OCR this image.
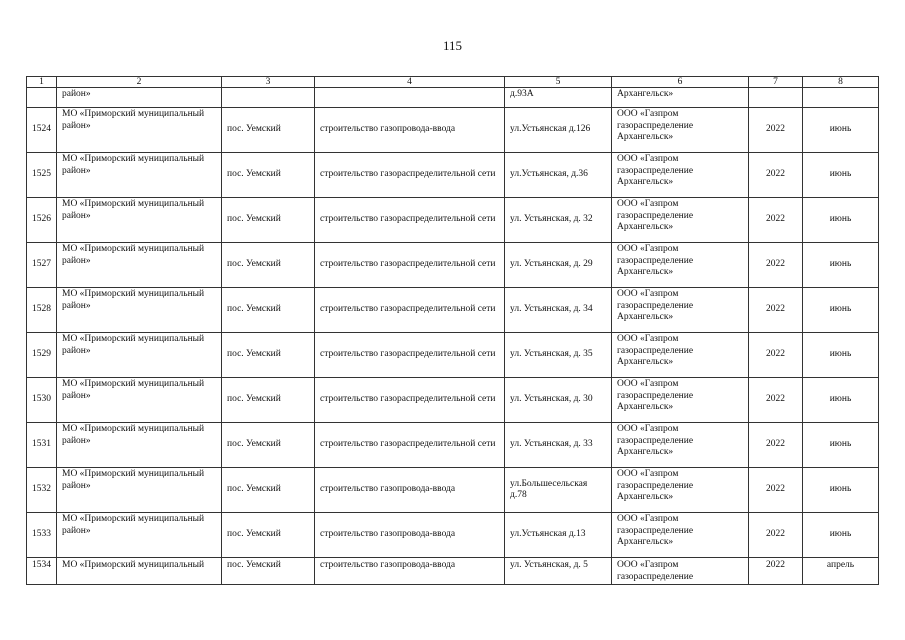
115
1	2	3	4	5	6	7	8
	район»			д.93А	Архангельск»		
1524	МО «Приморский муниципальный район»	пос. Уемский	строительство газопровода-ввода	ул.Устьянская д.126	ООО «Газпром газораспределение Архангельск»	2022	июнь
1525	МО «Приморский муниципальный район»	пос. Уемский	строительство газораспределительной сети	ул.Устьянская, д.36	ООО «Газпром газораспределение Архангельск»	2022	июнь
1526	МО «Приморский муниципальный район»	пос. Уемский	строительство газораспределительной сети	ул. Устьянская, д. 32	ООО «Газпром газораспределение Архангельск»	2022	июнь
1527	МО «Приморский муниципальный район»	пос. Уемский	строительство газораспределительной сети	ул. Устьянская, д. 29	ООО «Газпром газораспределение Архангельск»	2022	июнь
1528	МО «Приморский муниципальный район»	пос. Уемский	строительство газораспределительной сети	ул. Устьянская, д. 34	ООО «Газпром газораспределение Архангельск»	2022	июнь
1529	МО «Приморский муниципальный район»	пос. Уемский	строительство газораспределительной сети	ул. Устьянская, д. 35	ООО «Газпром газораспределение Архангельск»	2022	июнь
1530	МО «Приморский муниципальный район»	пос. Уемский	строительство газораспределительной сети	ул. Устьянская, д. 30	ООО «Газпром газораспределение Архангельск»	2022	июнь
1531	МО «Приморский муниципальный район»	пос. Уемский	строительство газораспределительной сети	ул. Устьянская, д. 33	ООО «Газпром газораспределение Архангельск»	2022	июнь
1532	МО «Приморский муниципальный район»	пос. Уемский	строительство газопровода-ввода	ул.Большесельская д.78	ООО «Газпром газораспределение Архангельск»	2022	июнь
1533	МО «Приморский муниципальный район»	пос. Уемский	строительство газопровода-ввода	ул.Устьянская д.13	ООО «Газпром газораспределение Архангельск»	2022	июнь
1534	МО «Приморский муниципальный	пос. Уемский	строительство газопровода-ввода	ул. Устьянская, д. 5	ООО «Газпром газораспределение	2022	апрель
